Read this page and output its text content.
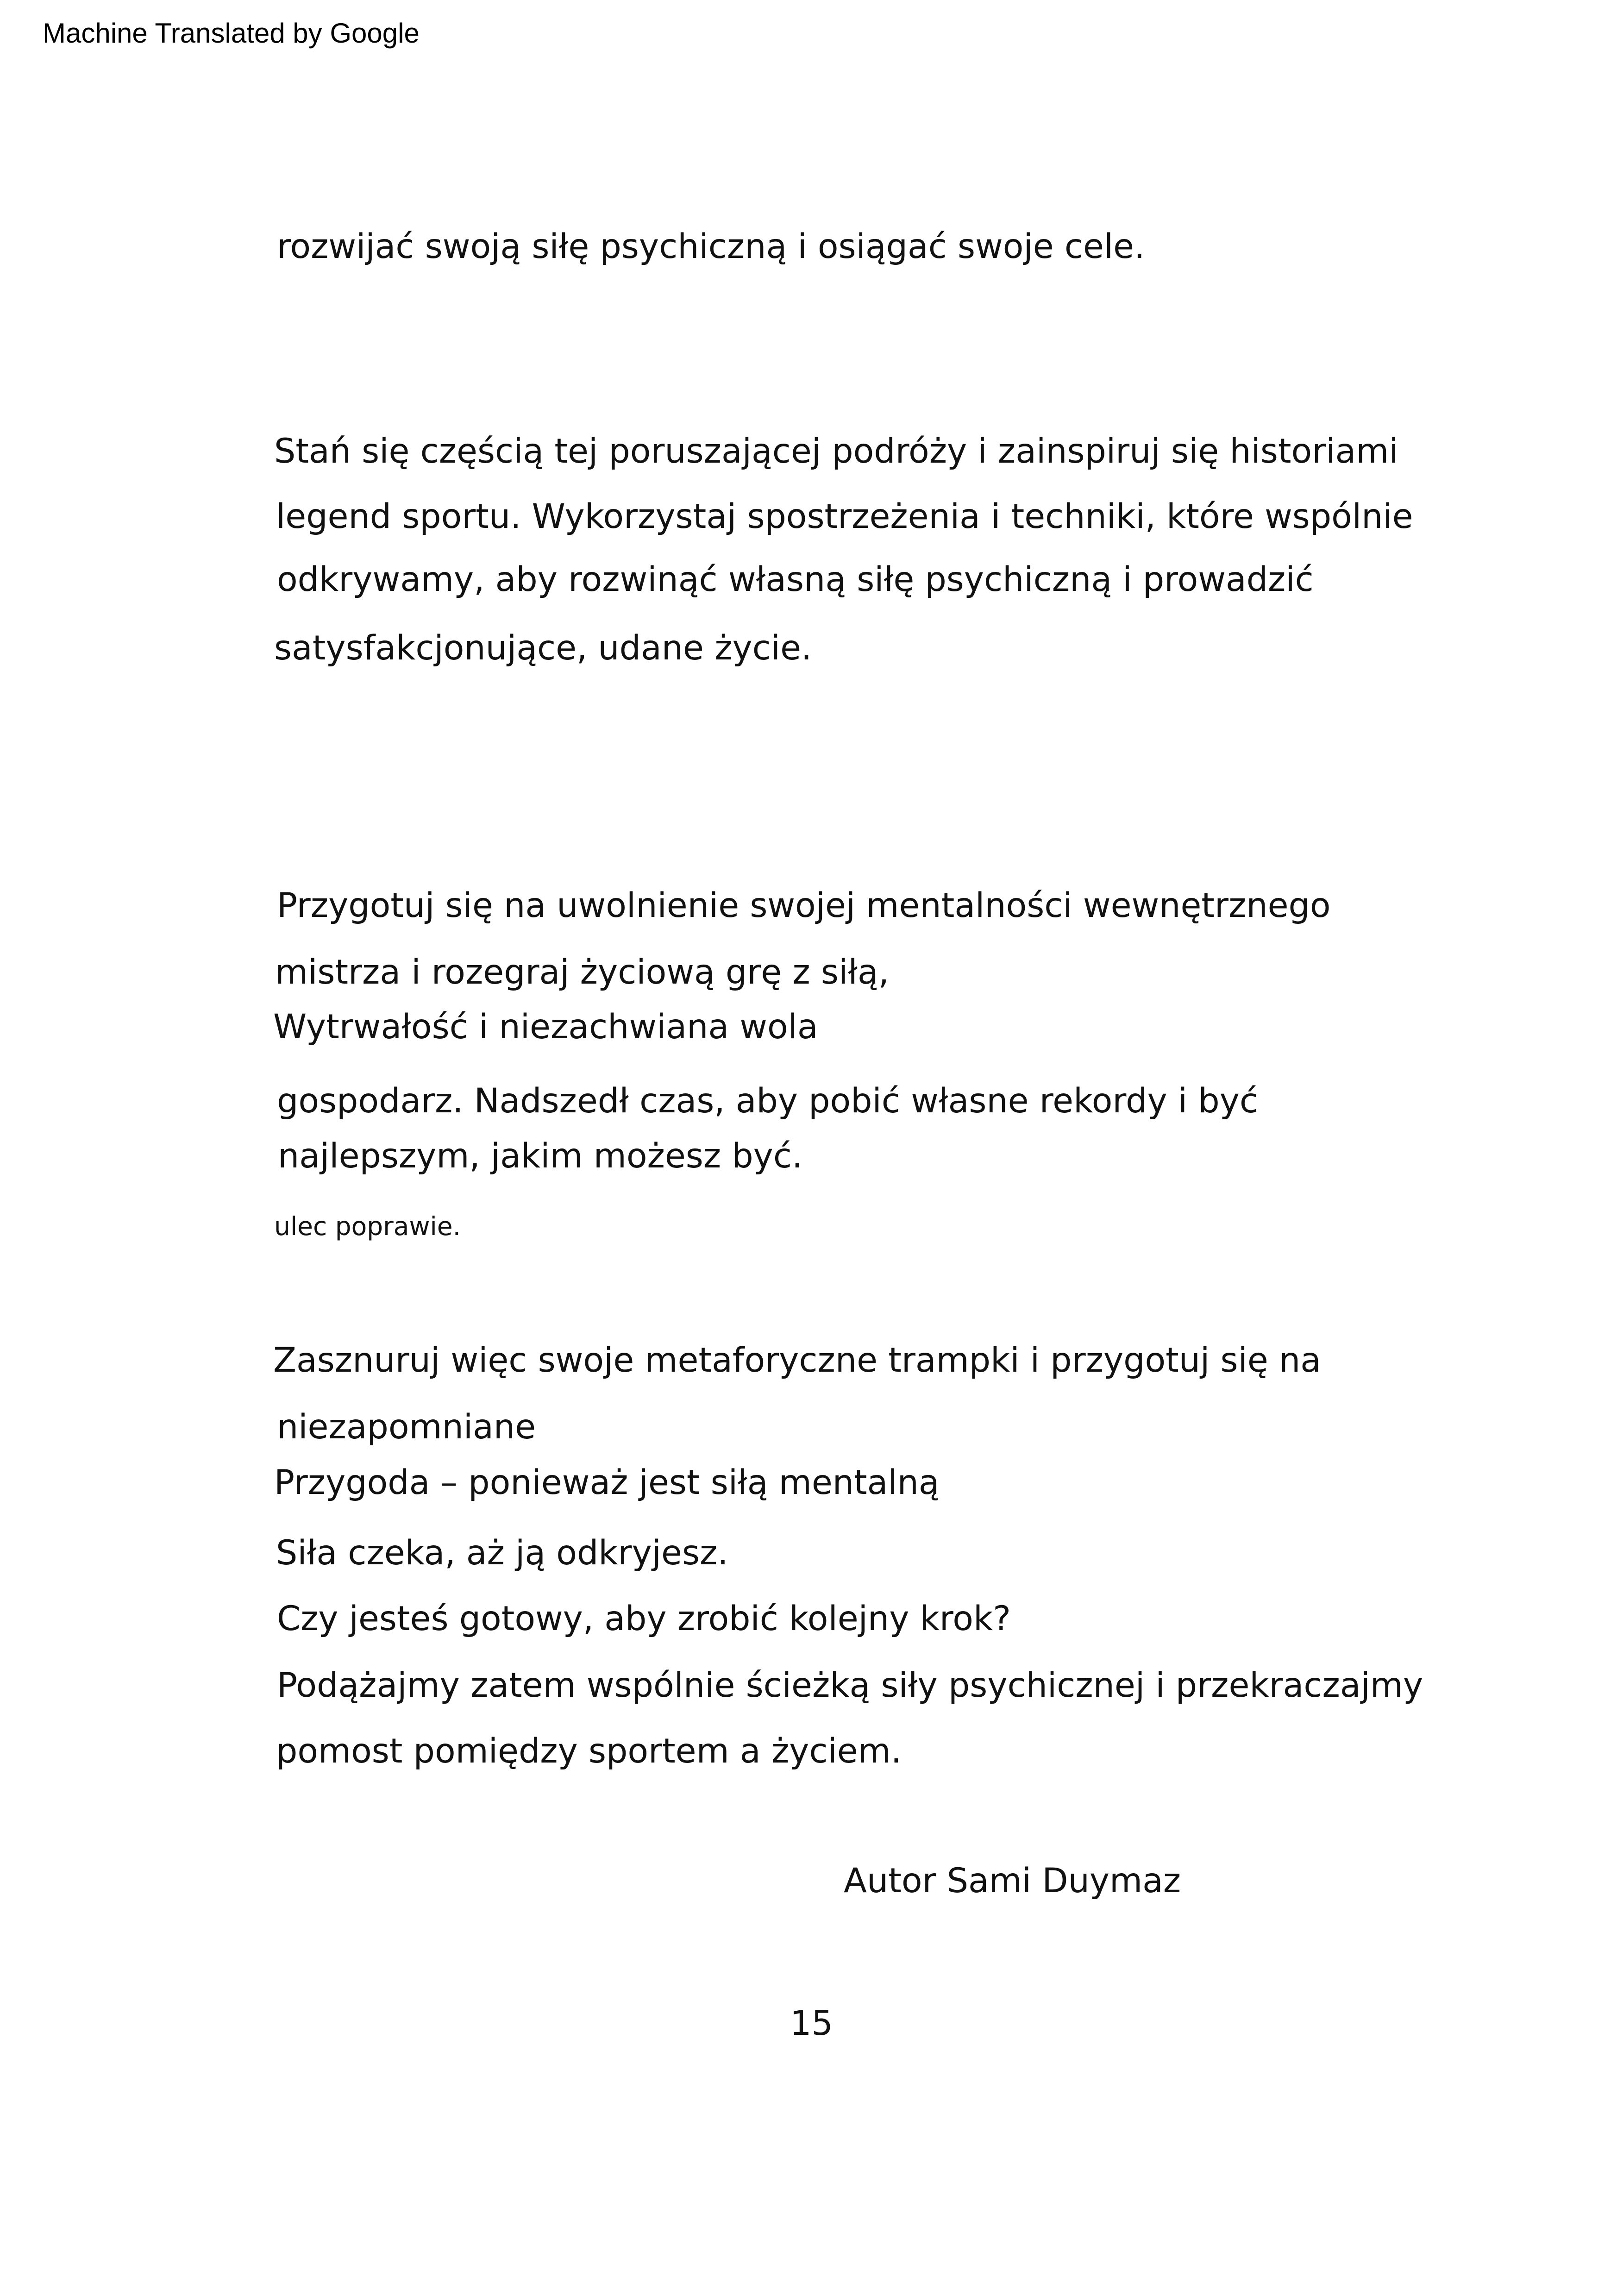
Machine Translated by Google
rozwijać swoją siłę psychiczną i osiągać swoje cele.
Stań się częścią tej poruszającej podróży i zainspiruj się historiami
legend sportu. Wykorzystaj spostrzeżenia i techniki, które wspólnie
odkrywamy, aby rozwinąć własną siłę psychiczną i prowadzić
satysfakcjonujące, udane życie.
Przygotuj się na uwolnienie swojej mentalności wewnętrznego
mistrza i rozegraj życiową grę z siłą,
Wytrwałość i niezachwiana wola
gospodarz. Nadszedł czas, aby pobić własne rekordy i być
najlepszym, jakim możesz być.
ulec poprawie.
Zasznuruj więc swoje metaforyczne trampki i przygotuj się na
niezapomniane
Przygoda – ponieważ jest siłą mentalną
Siła czeka, aż ją odkryjesz.
Czy jesteś gotowy, aby zrobić kolejny krok?
Podążajmy zatem wspólnie ścieżką siły psychicznej i przekraczajmy
pomost pomiędzy sportem a życiem.
Autor Sami Duymaz
15
